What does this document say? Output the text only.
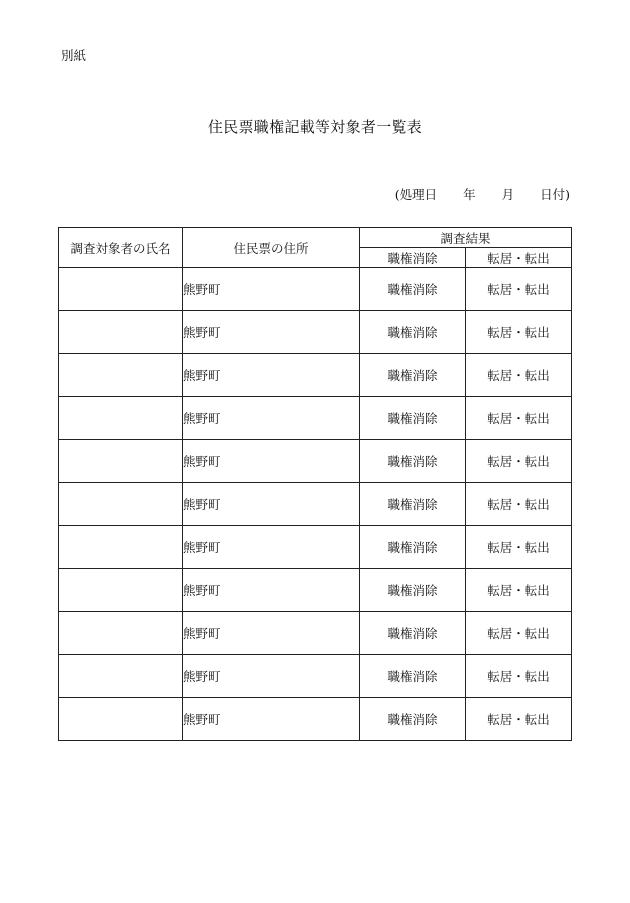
別紙
住民票職権記載等対象者一覧表
(処理日 年 月 日付)
調査対象者の氏名	住民票の住所	調査結果	
		職権消除	転居・転出
	熊野町	職権消除	転居・転出
	熊野町	職権消除	転居・転出
	熊野町	職権消除	転居・転出
	熊野町	職権消除	転居・転出
	熊野町	職権消除	転居・転出
	熊野町	職権消除	転居・転出
	熊野町	職権消除	転居・転出
	熊野町	職権消除	転居・転出
	熊野町	職権消除	転居・転出
	熊野町	職権消除	転居・転出
	熊野町	職権消除	転居・転出
